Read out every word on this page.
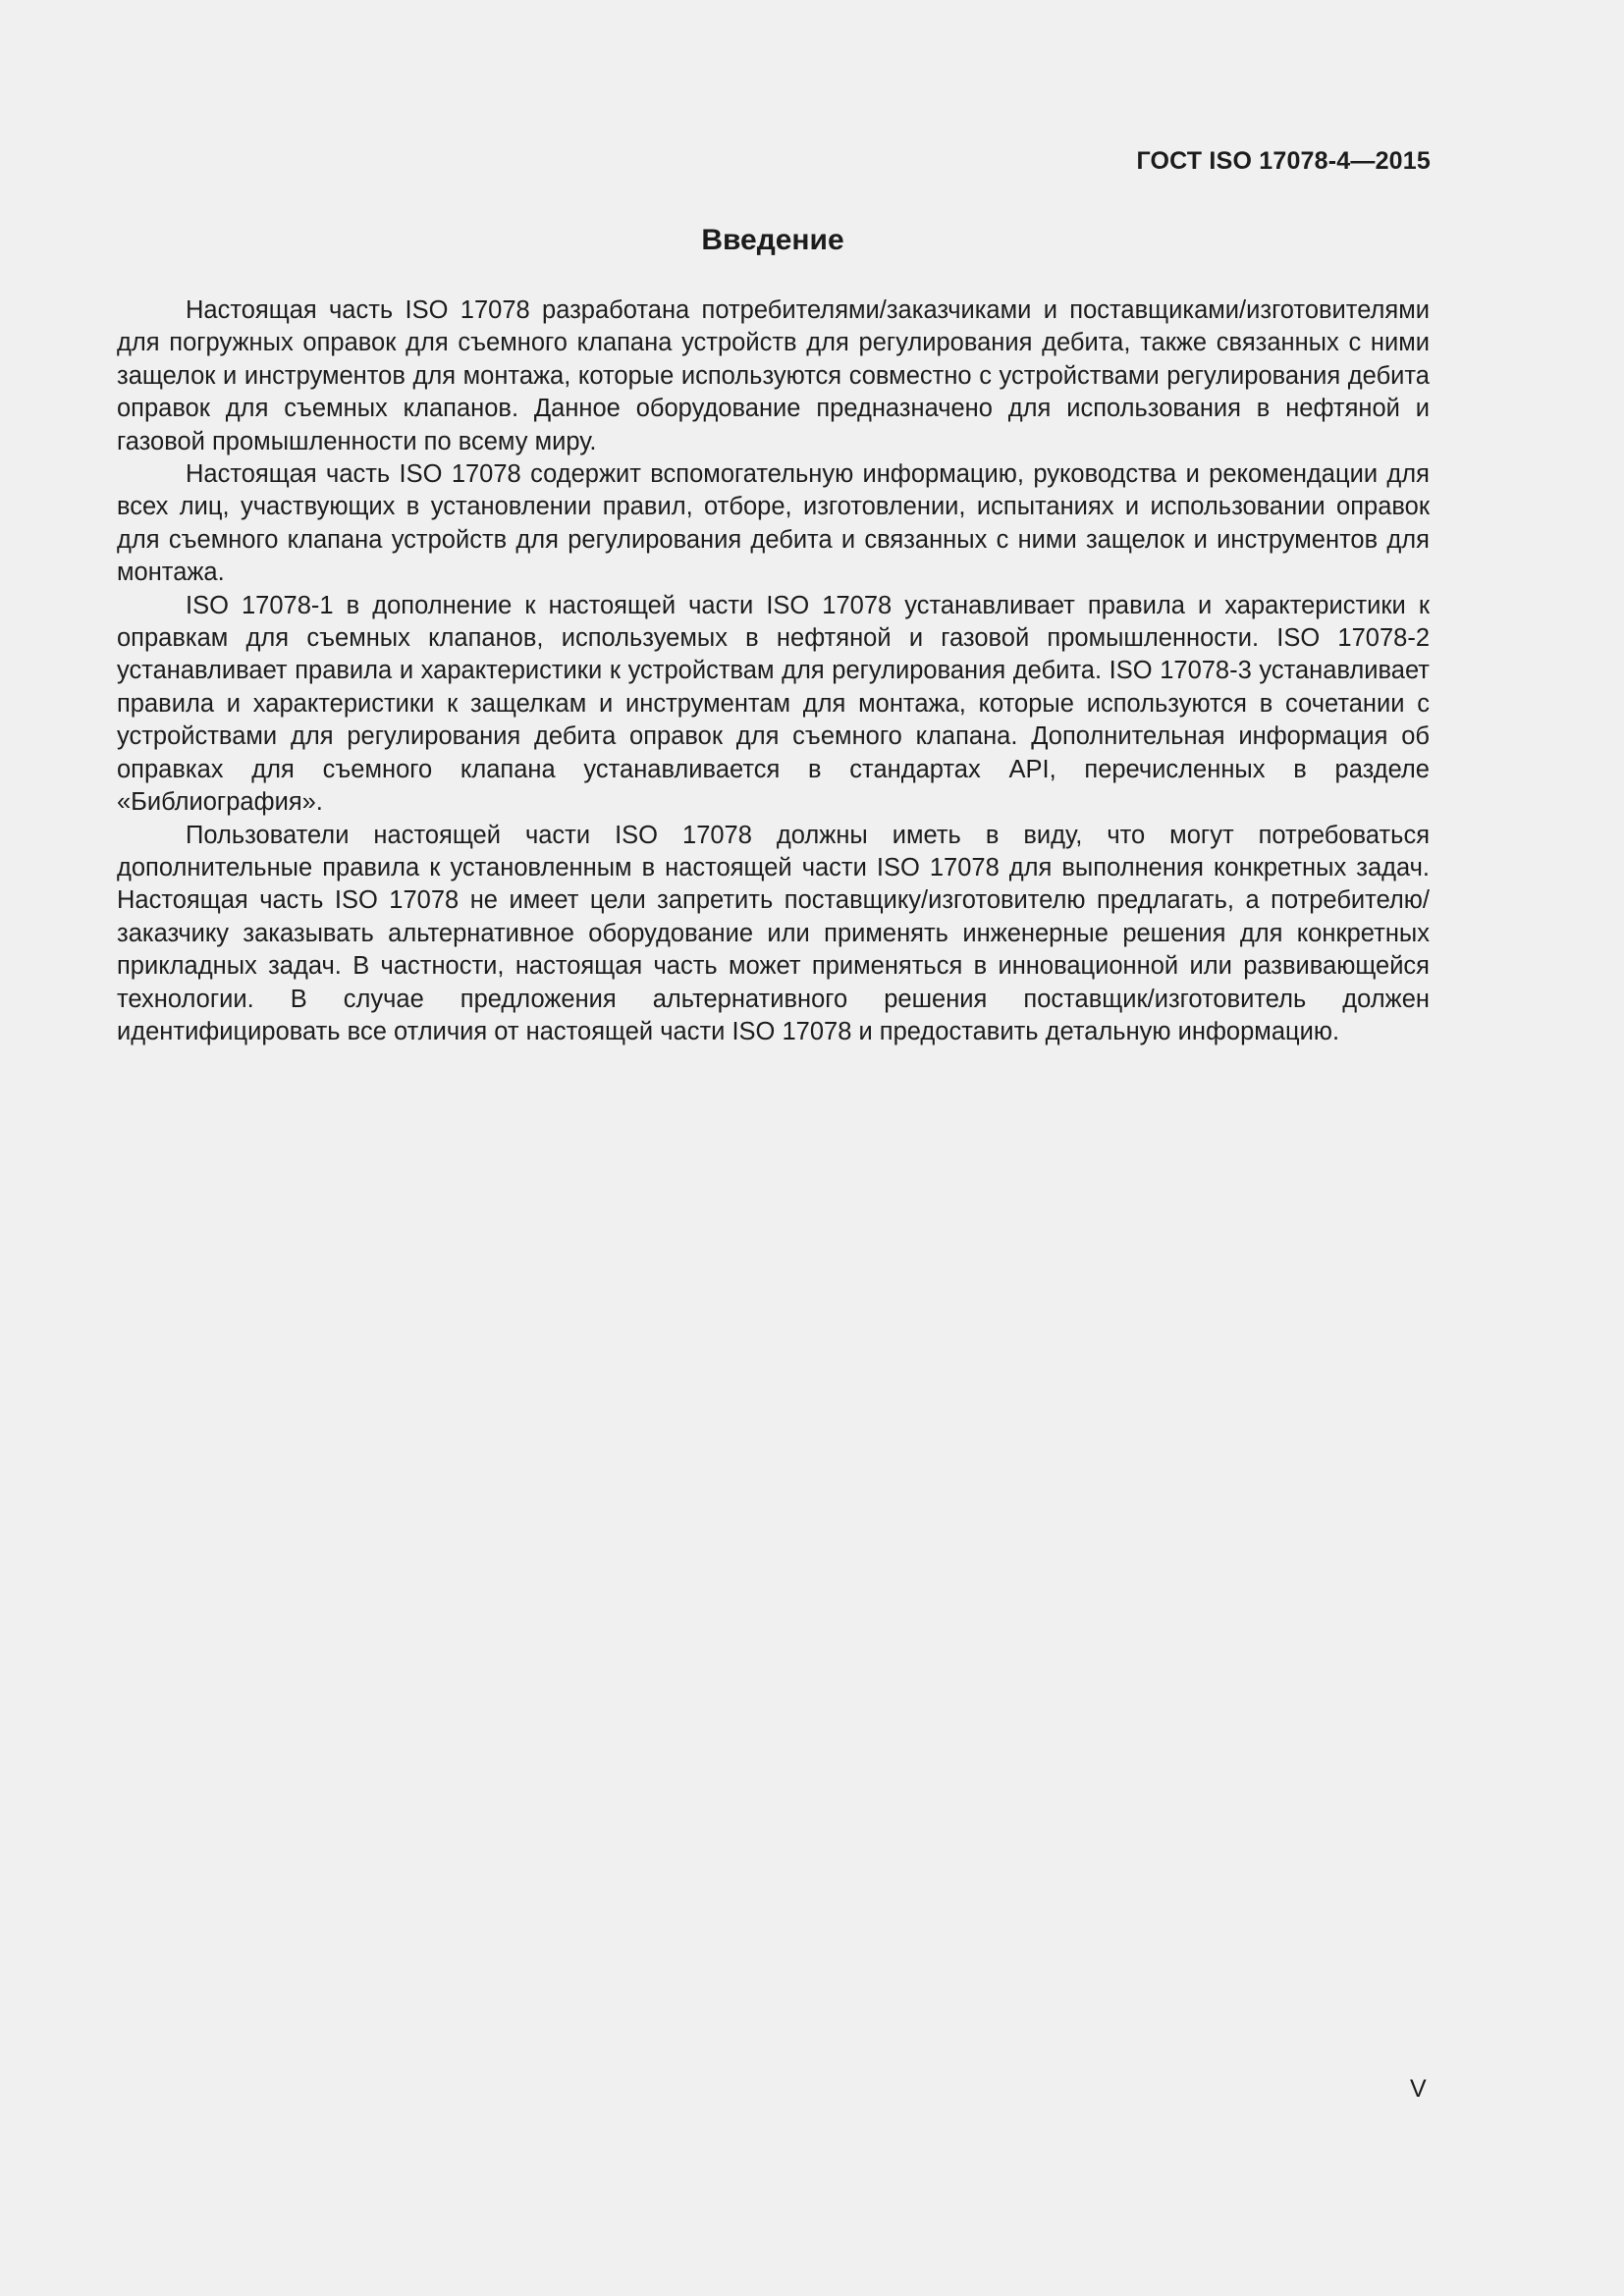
ГОСТ ISO 17078-4—2015
Введение

Настоящая часть ISO 17078 разработана потребителями/заказчиками и поставщиками/изготовителями для погружных оправок для съемного клапана устройств для регулирования дебита, также связанных с ними защелок и инструментов для монтажа, которые используются совместно с устройствами регулирования дебита оправок для съемных клапанов. Данное оборудование предназначено для использования в нефтяной и газовой промышленности по всему миру.

Настоящая часть ISO 17078 содержит вспомогательную информацию, руководства и рекомендации для всех лиц, участвующих в установлении правил, отборе, изготовлении, испытаниях и использовании оправок для съемного клапана устройств для регулирования дебита и связанных с ними защелок и инструментов для монтажа.

ISO 17078-1 в дополнение к настоящей части ISO 17078 устанавливает правила и характеристики к оправкам для съемных клапанов, используемых в нефтяной и газовой промышленности. ISO 17078-2 устанавливает правила и характеристики к устройствам для регулирования дебита. ISO 17078-3 устанавливает правила и характеристики к защелкам и инструментам для монтажа, которые используются в сочетании с устройствами для регулирования дебита оправок для съемного клапана. Дополнительная информация об оправках для съемного клапана устанавливается в стандартах API, перечисленных в разделе «Библиография».

Пользователи настоящей части ISO 17078 должны иметь в виду, что могут потребоваться дополнительные правила к установленным в настоящей части ISO 17078 для выполнения конкретных задач. Настоящая часть ISO 17078 не имеет цели запретить поставщику/изготовителю предлагать, а потребителю/заказчику заказывать альтернативное оборудование или применять инженерные решения для конкретных прикладных задач. В частности, настоящая часть может применяться в инновационной или развивающейся технологии. В случае предложения альтернативного решения поставщик/изготовитель должен идентифицировать все отличия от настоящей части ISO 17078 и предоставить детальную информацию.

V
